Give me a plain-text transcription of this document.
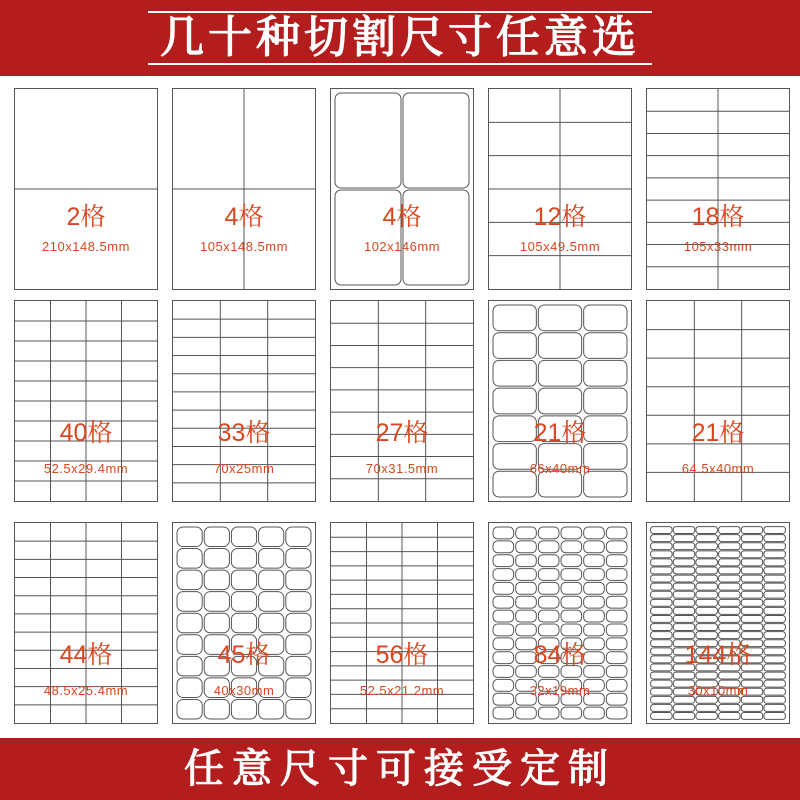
几十种切割尺寸任意选
2格
210x148.5mm
4格
105x148.5mm
4格
102x146mm
12格
105x49.5mm
18格
105x33mm
40格
52.5x29.4mm
33格
70x25mm
27格
70x31.5mm
21格
66x40mm
21格
64.5x40mm
44格
48.5x25.4mm
45格
40x30mm
56格
52.5x21.2mm
84格
32x19mm
144格
30x10mm
任意尺寸可接受定制
